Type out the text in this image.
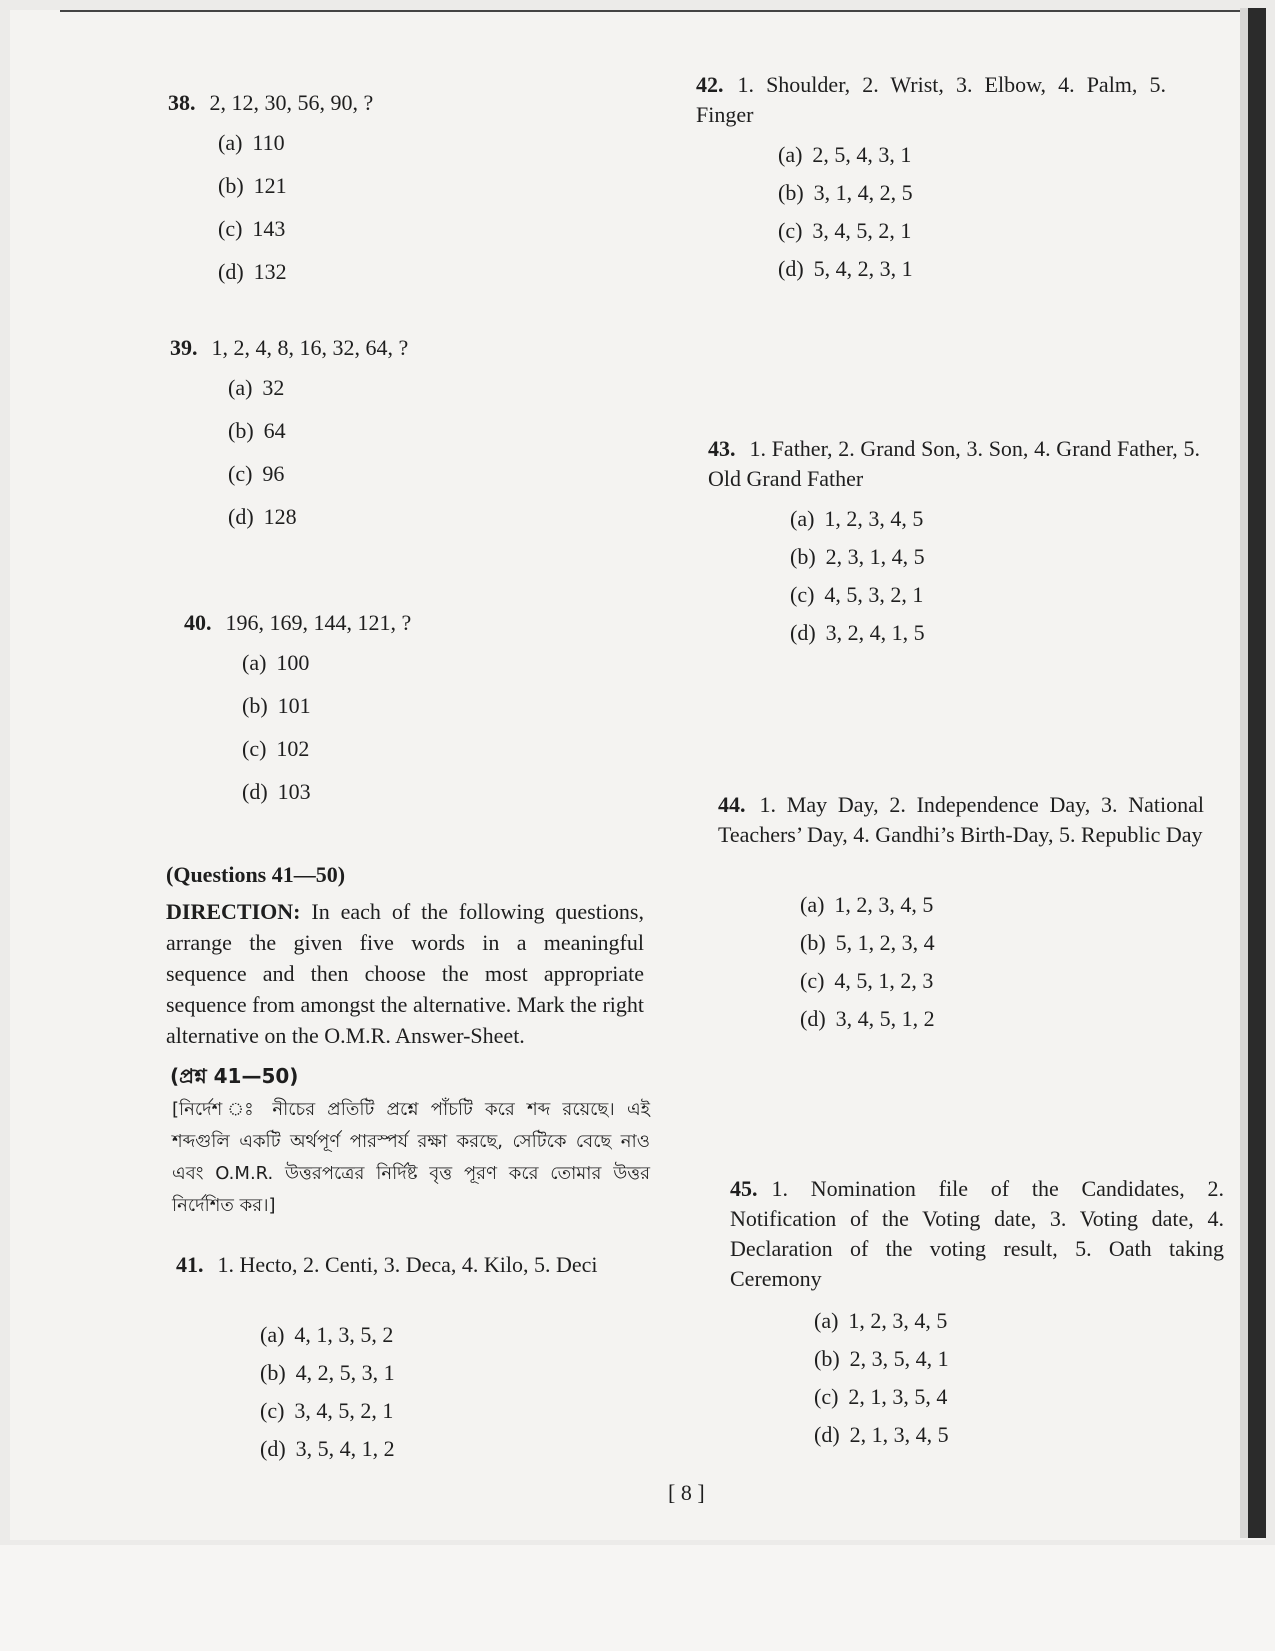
38. 2, 12, 30, 56, 90, ?
(a) 110
(b) 121
(c) 143
(d) 132
39. 1, 2, 4, 8, 16, 32, 64, ?
(a) 32
(b) 64
(c) 96
(d) 128
40. 196, 169, 144, 121, ?
(a) 100
(b) 101
(c) 102
(d) 103
(Questions 41—50)
DIRECTION: In each of the following questions, arrange the given five words in a meaningful sequence and then choose the most appropriate sequence from amongst the alternative. Mark the right alternative on the O.M.R. Answer-Sheet.
(প্রশ্ন 41—50)
[নির্দেশ ঃ নীচের প্রতিটি প্রশ্নে পাঁচটি করে শব্দ রয়েছে। এই শব্দগুলি একটি অর্থপূর্ণ পারস্পর্য রক্ষা করছে, সেটিকে বেছে নাও এবং O.M.R. উত্তরপত্রের নির্দিষ্ট বৃত্ত পূরণ করে তোমার উত্তর নির্দেশিত কর।]
41. 1. Hecto, 2. Centi, 3. Deca, 4. Kilo, 5. Deci
(a) 4, 1, 3, 5, 2
(b) 4, 2, 5, 3, 1
(c) 3, 4, 5, 2, 1
(d) 3, 5, 4, 1, 2
42. 1. Shoulder, 2. Wrist, 3. Elbow, 4. Palm, 5. Finger
(a) 2, 5, 4, 3, 1
(b) 3, 1, 4, 2, 5
(c) 3, 4, 5, 2, 1
(d) 5, 4, 2, 3, 1
43. 1. Father, 2. Grand Son, 3. Son, 4. Grand Father, 5. Old Grand Father
(a) 1, 2, 3, 4, 5
(b) 2, 3, 1, 4, 5
(c) 4, 5, 3, 2, 1
(d) 3, 2, 4, 1, 5
44. 1. May Day, 2. Independence Day, 3. National Teachers’ Day, 4. Gandhi’s Birth-Day, 5. Republic Day
(a) 1, 2, 3, 4, 5
(b) 5, 1, 2, 3, 4
(c) 4, 5, 1, 2, 3
(d) 3, 4, 5, 1, 2
45. 1. Nomination file of the Candidates, 2. Notification of the Voting date, 3. Voting date, 4. Declaration of the voting result, 5. Oath taking Ceremony
(a) 1, 2, 3, 4, 5
(b) 2, 3, 5, 4, 1
(c) 2, 1, 3, 5, 4
(d) 2, 1, 3, 4, 5
[ 8 ]
